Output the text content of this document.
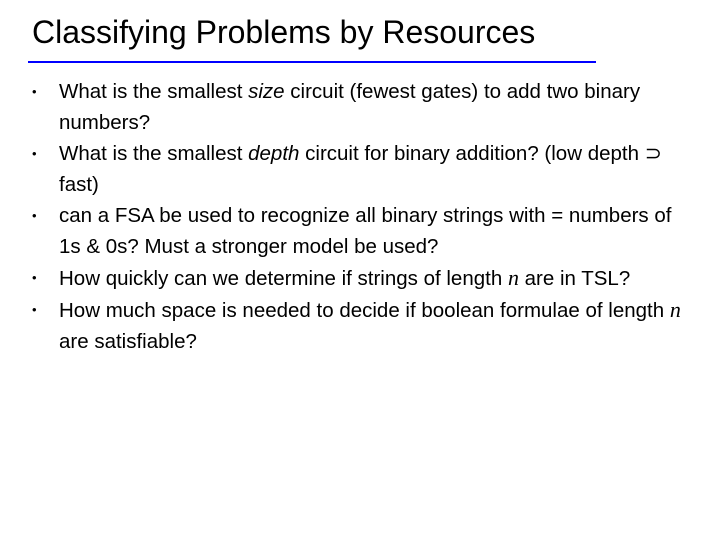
Classifying Problems by Resources
• What is the smallest size circuit (fewest gates) to add two binary numbers?
• What is the smallest depth circuit for binary addition? (low depth ⊃ fast)
• can a FSA be used to recognize all binary strings with = numbers of 1s & 0s? Must a stronger model be used?
• How quickly can we determine if strings of length n are in TSL?
• How much space is needed to decide if boolean formulae of length n are satisfiable?
